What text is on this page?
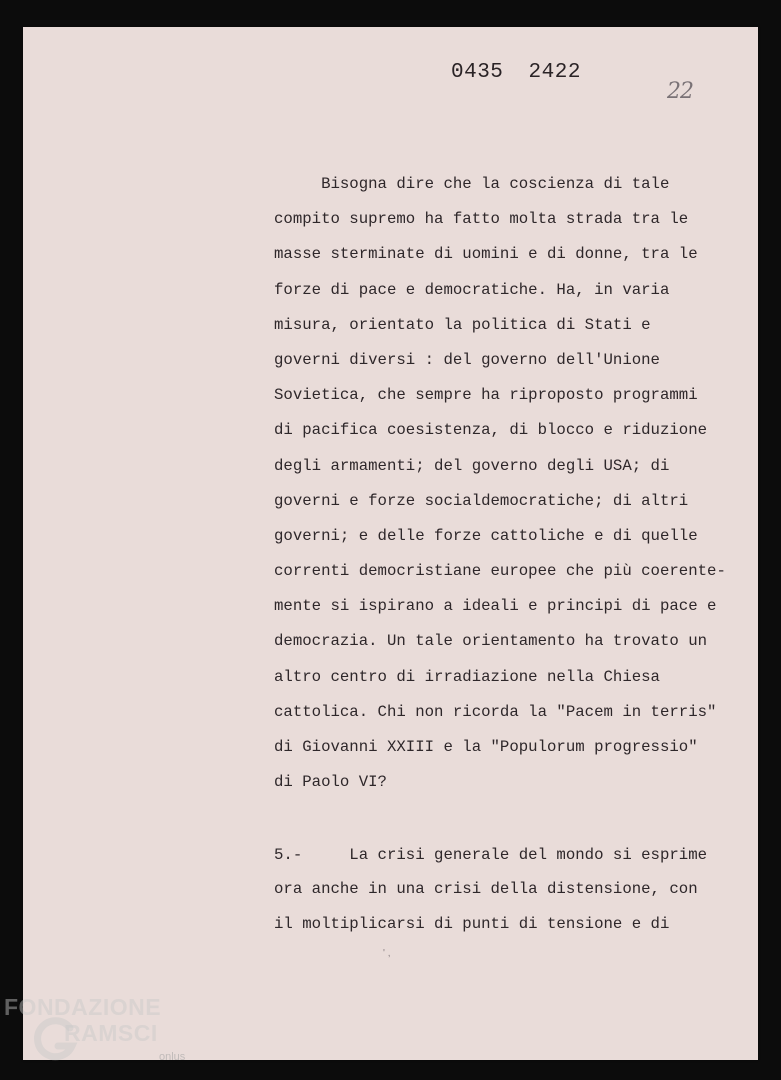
0435 2422
22
Bisogna dire che la coscienza di tale
compito supremo ha fatto molta strada tra le
masse sterminate di uomini e di donne, tra le
forze di pace e democratiche. Ha, in varia
misura, orientato la politica di Stati e
governi diversi : del governo dell'Unione
Sovietica, che sempre ha riproposto programmi
di pacifica coesistenza, di blocco e riduzione
degli armamenti; del governo degli USA; di
governi e forze socialdemocratiche; di altri
governi; e delle forze cattoliche e di quelle
correnti democristiane europee che più coerente-
mente si ispirano a ideali e principi di pace e
democrazia. Un tale orientamento ha trovato un
altro centro di irradiazione nella Chiesa
cattolica. Chi non ricorda la "Pacem in terris"
di Giovanni XXIII e la "Populorum progressio"
di Paolo VI?
5.-     La crisi generale del mondo si esprime
ora anche in una crisi della distensione, con
il moltiplicarsi di punti di tensione e di
' ,
FONDAZIONE
RAMSCI
onlus
